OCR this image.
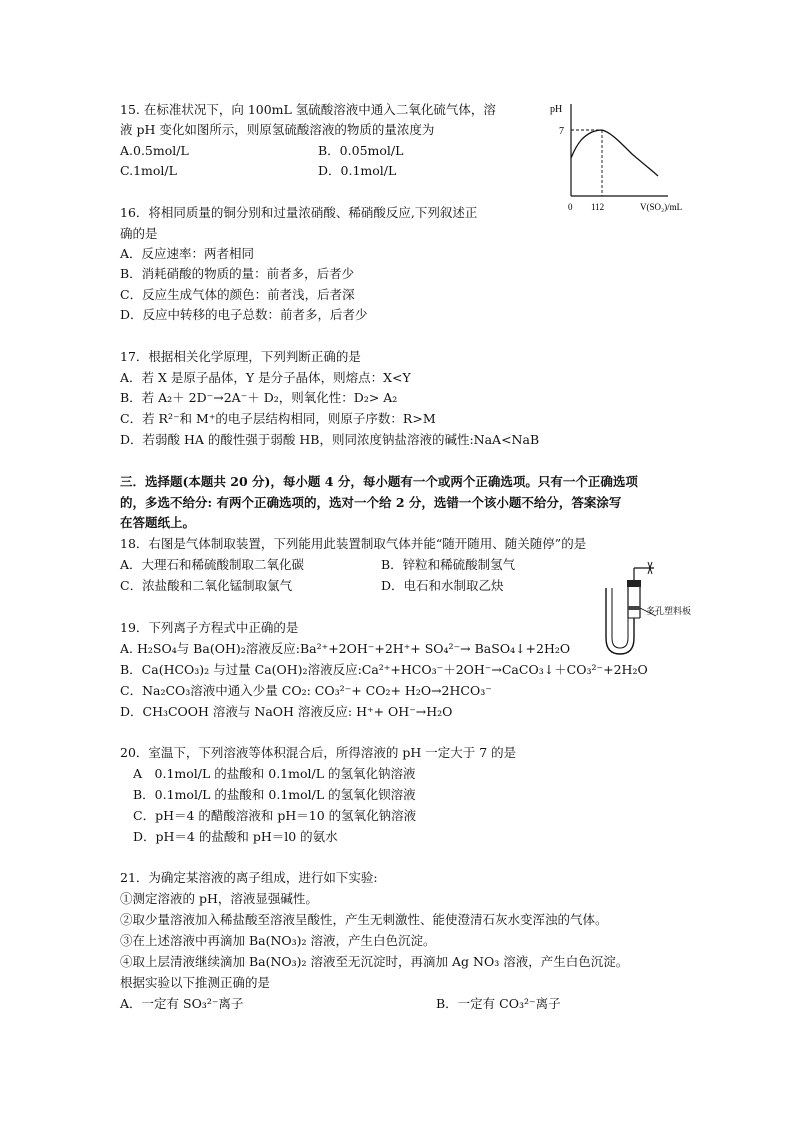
15. 在标准状况下，向 100mL 氢硫酸溶液中通入二氧化硫气体，溶
液 pH 变化如图所示，则原氢硫酸溶液的物质的量浓度为
A.0.5mol/L	B．0.05mol/L
C.1mol/L	D．0.1mol/L
pH
7
0 112	V(SO₂)/mL
16．将相同质量的铜分别和过量浓硝酸、稀硝酸反应,下列叙述正
确的是
A．反应速率：两者相同
B．消耗硝酸的物质的量：前者多，后者少
C．反应生成气体的颜色：前者浅，后者深
D．反应中转移的电子总数：前者多，后者少
17．根据相关化学原理，下列判断正确的是
A．若 X 是原子晶体，Y 是分子晶体，则熔点：X<Y
B．若 A₂＋ 2D⁻→2A⁻＋ D₂，则氧化性：D₂> A₂
C．若 R²⁻和 M⁺的电子层结构相同，则原子序数：R>M
D．若弱酸 HA 的酸性强于弱酸 HB，则同浓度钠盐溶液的碱性:NaA<NaB
三．选择题(本题共 20 分)，每小题 4 分，每小题有一个或两个正确选项。只有一个正确选项
的，多选不给分: 有两个正确选项的，选对一个给 2 分，选错一个该小题不给分，答案涂写
在答题纸上。
18．右图是气体制取装置，下列能用此装置制取气体并能“随开随用、随关随停”的是
A．大理石和稀硫酸制取二氧化碳	B．锌粒和稀硫酸制氢气
C．浓盐酸和二氧化锰制取氯气	D．电石和水制取乙炔
多孔塑料板
19．下列离子方程式中正确的是
A. H₂SO₄与 Ba(OH)₂溶液反应:Ba²⁺+2OH⁻+2H⁺+ SO₄²⁻→ BaSO₄↓+2H₂O
B．Ca(HCO₃)₂ 与过量 Ca(OH)₂溶液反应:Ca²⁺+HCO₃⁻＋2OH⁻→CaCO₃↓＋CO₃²⁻+2H₂O
C．Na₂CO₃溶液中通入少量 CO₂: CO₃²⁻+ CO₂+ H₂O→2HCO₃⁻
D．CH₃COOH 溶液与 NaOH 溶液反应: H⁺+ OH⁻→H₂O
20．室温下，下列溶液等体积混合后，所得溶液的 pH 一定大于 7 的是
A　0.1mol/L 的盐酸和 0.1mol/L 的氢氧化钠溶液
B．0.1mol/L 的盐酸和 0.1mol/L 的氢氧化钡溶液
C．pH＝4 的醋酸溶液和 pH＝10 的氢氧化钠溶液
D．pH＝4 的盐酸和 pH＝l0 的氨水
21．为确定某溶液的离子组成，进行如下实验:
①测定溶液的 pH，溶液显强碱性。
②取少量溶液加入稀盐酸至溶液呈酸性，产生无刺激性、能使澄清石灰水变浑浊的气体。
③在上述溶液中再滴加 Ba(NO₃)₂ 溶液，产生白色沉淀。
④取上层清液继续滴加 Ba(NO₃)₂ 溶液至无沉淀时，再滴加 Ag NO₃ 溶液，产生白色沉淀。
根据实验以下推测正确的是
A．一定有 SO₃²⁻离子	B．一定有 CO₃²⁻离子
